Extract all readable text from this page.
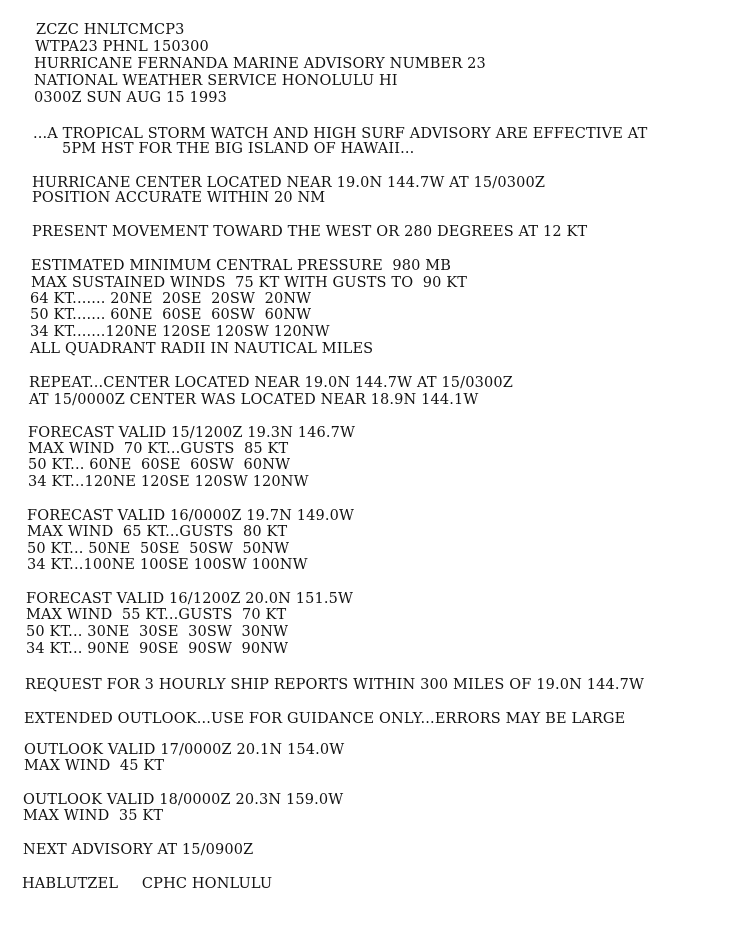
ZCZC HNLTCMCP3
WTPA23 PHNL 150300
HURRICANE FERNANDA MARINE ADVISORY NUMBER 23
NATIONAL WEATHER SERVICE HONOLULU HI
0300Z SUN AUG 15 1993
...A TROPICAL STORM WATCH AND HIGH SURF ADVISORY ARE EFFECTIVE AT
5PM HST FOR THE BIG ISLAND OF HAWAII...
HURRICANE CENTER LOCATED NEAR 19.0N 144.7W AT 15/0300Z
POSITION ACCURATE WITHIN 20 NM
PRESENT MOVEMENT TOWARD THE WEST OR 280 DEGREES AT 12 KT
ESTIMATED MINIMUM CENTRAL PRESSURE  980 MB
MAX SUSTAINED WINDS  75 KT WITH GUSTS TO  90 KT
64 KT....... 20NE  20SE  20SW  20NW
50 KT....... 60NE  60SE  60SW  60NW
34 KT.......120NE 120SE 120SW 120NW
ALL QUADRANT RADII IN NAUTICAL MILES
REPEAT...CENTER LOCATED NEAR 19.0N 144.7W AT 15/0300Z
AT 15/0000Z CENTER WAS LOCATED NEAR 18.9N 144.1W
FORECAST VALID 15/1200Z 19.3N 146.7W
MAX WIND  70 KT...GUSTS  85 KT
50 KT... 60NE  60SE  60SW  60NW
34 KT...120NE 120SE 120SW 120NW
FORECAST VALID 16/0000Z 19.7N 149.0W
MAX WIND  65 KT...GUSTS  80 KT
50 KT... 50NE  50SE  50SW  50NW
34 KT...100NE 100SE 100SW 100NW
FORECAST VALID 16/1200Z 20.0N 151.5W
MAX WIND  55 KT...GUSTS  70 KT
50 KT... 30NE  30SE  30SW  30NW
34 KT... 90NE  90SE  90SW  90NW
REQUEST FOR 3 HOURLY SHIP REPORTS WITHIN 300 MILES OF 19.0N 144.7W
EXTENDED OUTLOOK...USE FOR GUIDANCE ONLY...ERRORS MAY BE LARGE
OUTLOOK VALID 17/0000Z 20.1N 154.0W
MAX WIND  45 KT
OUTLOOK VALID 18/0000Z 20.3N 159.0W
MAX WIND  35 KT
NEXT ADVISORY AT 15/0900Z
HABLUTZEL     CPHC HONLULU
